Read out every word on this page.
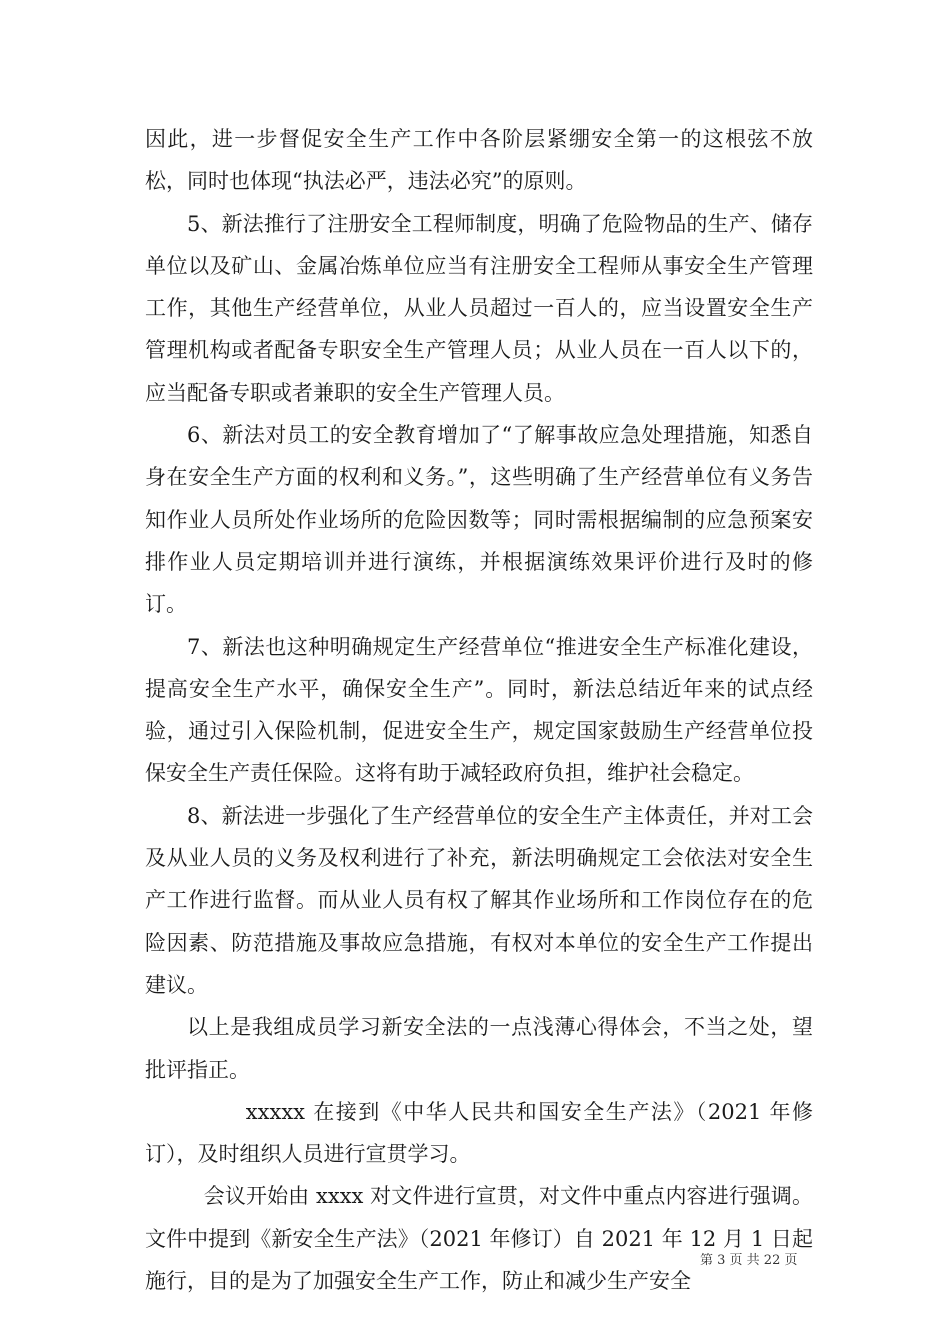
因此，进一步督促安全生产工作中各阶层紧绷安全第一的这根弦不放松，同时也体现“执法必严，违法必究”的原则。

5、新法推行了注册安全工程师制度，明确了危险物品的生产、储存单位以及矿山、金属冶炼单位应当有注册安全工程师从事安全生产管理工作，其他生产经营单位，从业人员超过一百人的，应当设置安全生产管理机构或者配备专职安全生产管理人员；从业人员在一百人以下的，应当配备专职或者兼职的安全生产管理人员。

6、新法对员工的安全教育增加了“了解事故应急处理措施，知悉自身在安全生产方面的权利和义务。”，这些明确了生产经营单位有义务告知作业人员所处作业场所的危险因数等；同时需根据编制的应急预案安排作业人员定期培训并进行演练，并根据演练效果评价进行及时的修订。

7、新法也这种明确规定生产经营单位“推进安全生产标准化建设，提高安全生产水平，确保安全生产”。同时，新法总结近年来的试点经验，通过引入保险机制，促进安全生产，规定国家鼓励生产经营单位投保安全生产责任保险。这将有助于减轻政府负担，维护社会稳定。

8、新法进一步强化了生产经营单位的安全生产主体责任，并对工会及从业人员的义务及权利进行了补充，新法明确规定工会依法对安全生产工作进行监督。而从业人员有权了解其作业场所和工作岗位存在的危险因素、防范措施及事故应急措施，有权对本单位的安全生产工作提出建议。

以上是我组成员学习新安全法的一点浅薄心得体会，不当之处，望批评指正。

xxxxx 在接到《中华人民共和国安全生产法》（2021 年修订），及时组织人员进行宣贯学习。

会议开始由 xxxx 对文件进行宣贯，对文件中重点内容进行强调。文件中提到《新安全生产法》（2021 年修订）自 2021 年 12 月 1 日起施行，目的是为了加强安全生产工作，防止和减少生产安全

第 3 页 共 22 页
